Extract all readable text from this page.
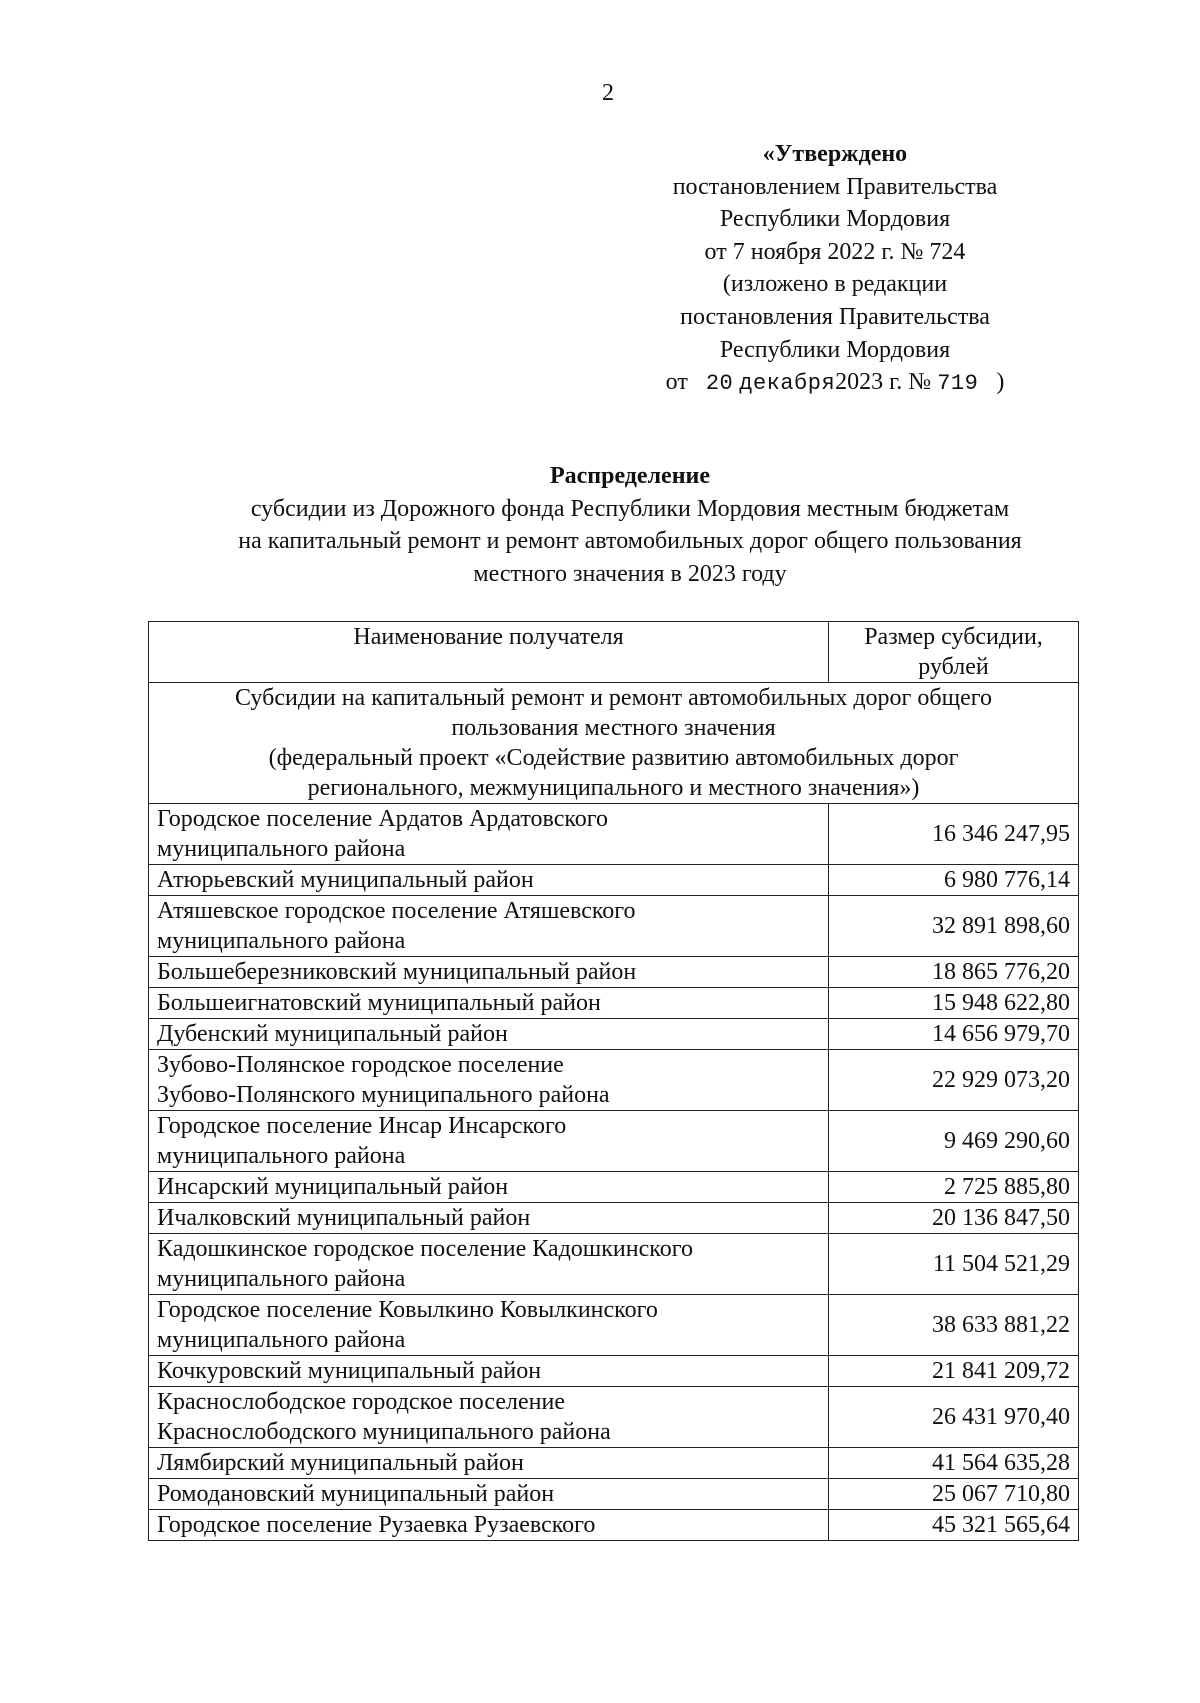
2
«Утверждено
постановлением Правительства
Республики Мордовия
от 7 ноября 2022 г. № 724
(изложено в редакции
постановления Правительства
Республики Мордовия
от 20 декабря2023 г. № 719 )
Распределение
субсидии из Дорожного фонда Республики Мордовия местным бюджетам
на капитальный ремонт и ремонт автомобильных дорог общего пользования
местного значения в 2023 году
Наименование получателя	Размер субсидии,
рублей

Субсидии на капитальный ремонт и ремонт автомобильных дорог общего
пользования местного значения
(федеральный проект «Содействие развитию автомобильных дорог
регионального, межмуниципального и местного значения»)	

Городское поселение Ардатов Ардатовского
муниципального района	16 346 247,95

Атюрьевский муниципальный район	6 980 776,14

Атяшевское городское поселение Атяшевского
муниципального района	32 891 898,60

Большеберезниковский муниципальный район	18 865 776,20

Большеигнатовский муниципальный район	15 948 622,80

Дубенский муниципальный район	14 656 979,70

Зубово-Полянское городское поселение
Зубово-Полянского муниципального района	22 929 073,20

Городское поселение Инсар Инсарского
муниципального района	9 469 290,60

Инсарский муниципальный район	2 725 885,80

Ичалковский муниципальный район	20 136 847,50

Кадошкинское городское поселение Кадошкинского
муниципального района	11 504 521,29

Городское поселение Ковылкино Ковылкинского
муниципального района	38 633 881,22

Кочкуровский муниципальный район	21 841 209,72

Краснослободское городское поселение
Краснослободского муниципального района	26 431 970,40

Лямбирский муниципальный район	41 564 635,28

Ромодановский муниципальный район	25 067 710,80

Городское поселение Рузаевка Рузаевского	45 321 565,64
